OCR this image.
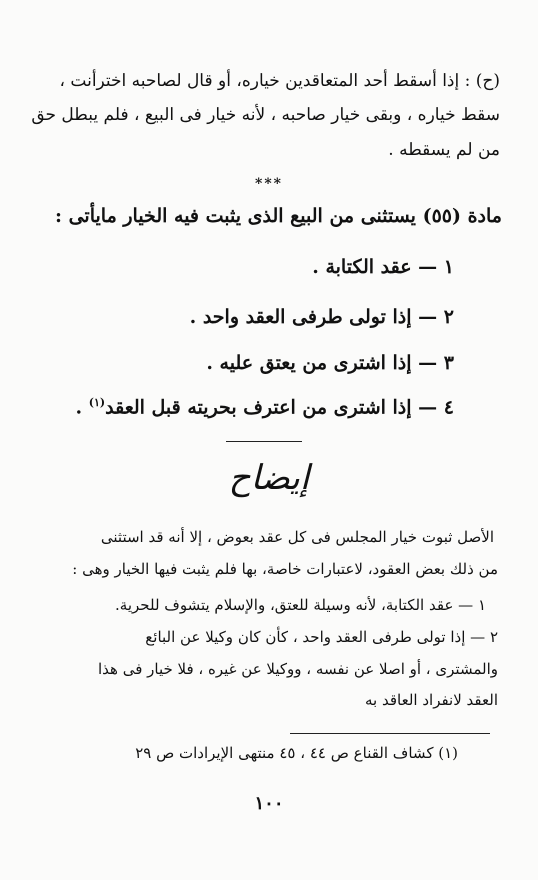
(ح) : إذا أسقط أحد المتعاقدين خياره، أو قال لصاحبه اخترأنت ،
سقط خياره ، وبقى خيار صاحبه ، لأنه خيار فى البيع ، فلم يبطل حق
من لم يسقطه .
***
مادة (٥٥) يستثنى من البيع الذى يثبت فيه الخيار مايأتى :
١ — عقد الكتابة .
٢ — إذا تولى طرفى العقد واحد .
٣ — إذا اشترى من يعتق عليه .
٤ — إذا اشترى من اعترف بحريته قبل العقد$^{(١)}$ .
إيضاح
الأصل ثبوت خيار المجلس فى كل عقد بعوض ، إلا أنه قد استثنى
من ذلك بعض العقود، لاعتبارات خاصة، بها فلم يثبت فيها الخيار وهى :
١ — عقد الكتابة، لأنه وسيلة للعتق، والإسلام يتشوف للحرية.
٢ — إذا تولى طرفى العقد واحد ، كأن كان وكيلا عن البائع
والمشترى ، أو اصلا عن نفسه ، ووكيلا عن غيره ، فلا خيار فى هذا
العقد لانفراد العاقد به
(١) كشاف القناع ص ٤٤ ، ٤٥ منتهى الإيرادات ص ٢٩
١٠٠
